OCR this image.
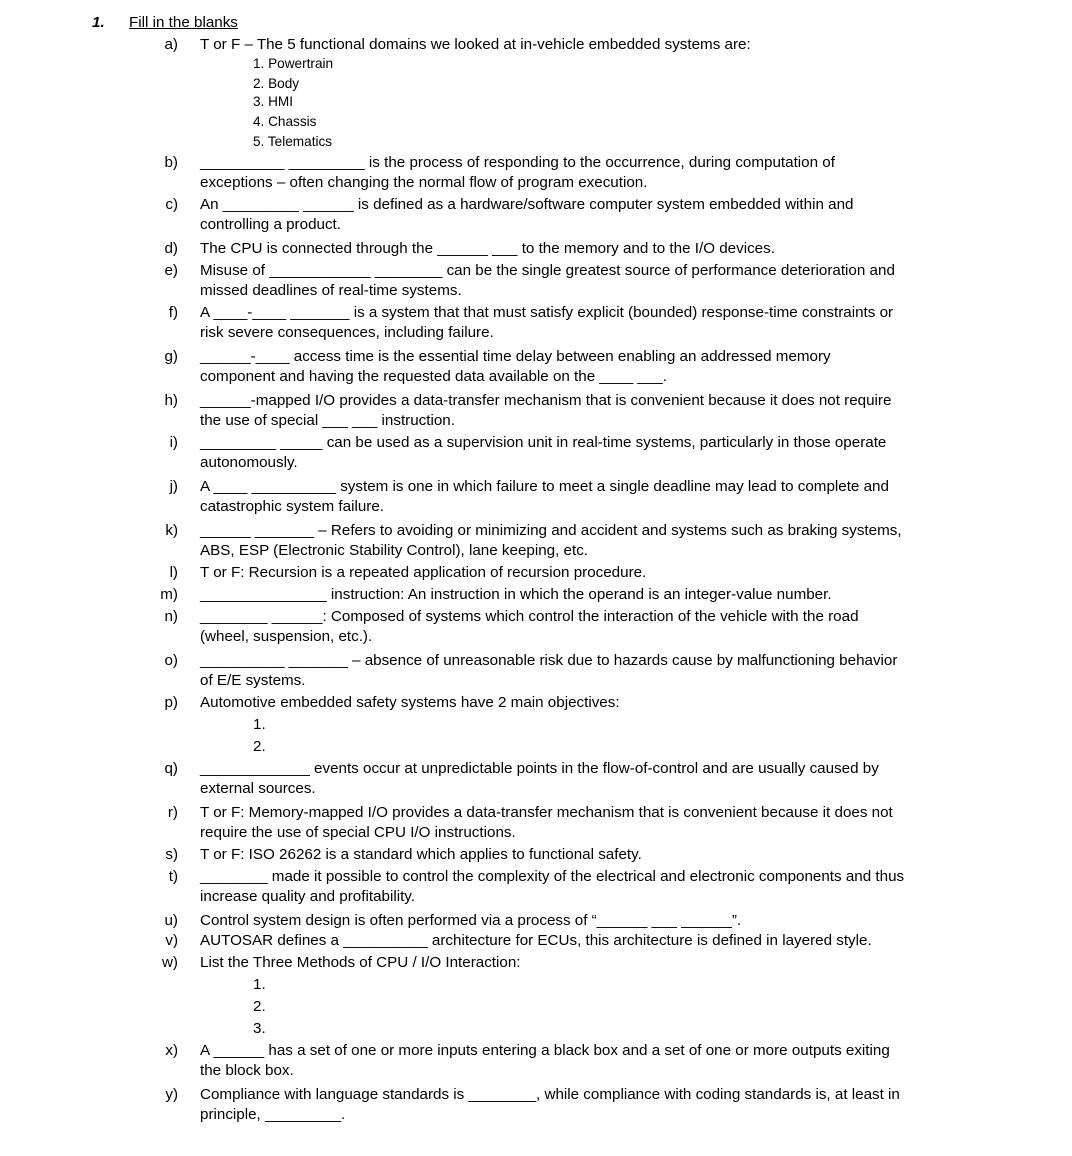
1. Fill in the blanks
a) T or F – The 5 functional domains we looked at in-vehicle embedded systems are:
1. Powertrain
2. Body
3. HMI
4. Chassis
5. Telematics
b) __________ _________ is the process of responding to the occurrence, during computation of exceptions – often changing the normal flow of program execution.
c) An _________ ______ is defined as a hardware/software computer system embedded within and controlling a product.
d) The CPU is connected through the ______ ___ to the memory and to the I/O devices.
e) Misuse of ____________ ________ can be the single greatest source of performance deterioration and missed deadlines of real-time systems.
f) A ____-____ _______ is a system that that must satisfy explicit (bounded) response-time constraints or risk severe consequences, including failure.
g) ______-____ access time is the essential time delay between enabling an addressed memory component and having the requested data available on the ____ ___.
h) ______-mapped I/O provides a data-transfer mechanism that is convenient because it does not require the use of special ___ ___ instruction.
i) _________ _____ can be used as a supervision unit in real-time systems, particularly in those operate autonomously.
j) A ____ __________ system is one in which failure to meet a single deadline may lead to complete and catastrophic system failure.
k) ______ _______ – Refers to avoiding or minimizing and accident and systems such as braking systems, ABS, ESP (Electronic Stability Control), lane keeping, etc.
l) T or F: Recursion is a repeated application of recursion procedure.
m) _______________ instruction: An instruction in which the operand is an integer-value number.
n) ________ ______: Composed of systems which control the interaction of the vehicle with the road (wheel, suspension, etc.).
o) __________ _______ – absence of unreasonable risk due to hazards cause by malfunctioning behavior of E/E systems.
p) Automotive embedded safety systems have 2 main objectives:
1.
2.
q) _____________ events occur at unpredictable points in the flow-of-control and are usually caused by external sources.
r) T or F: Memory-mapped I/O provides a data-transfer mechanism that is convenient because it does not require the use of special CPU I/O instructions.
s) T or F: ISO 26262 is a standard which applies to functional safety.
t) ________ made it possible to control the complexity of the electrical and electronic components and thus increase quality and profitability.
u) Control system design is often performed via a process of “______ ___ ______”.
v) AUTOSAR defines a __________ architecture for ECUs, this architecture is defined in layered style.
w) List the Three Methods of CPU / I/O Interaction:
1.
2.
3.
x) A ______ has a set of one or more inputs entering a black box and a set of one or more outputs exiting the block box.
y) Compliance with language standards is ________, while compliance with coding standards is, at least in principle, _________.
